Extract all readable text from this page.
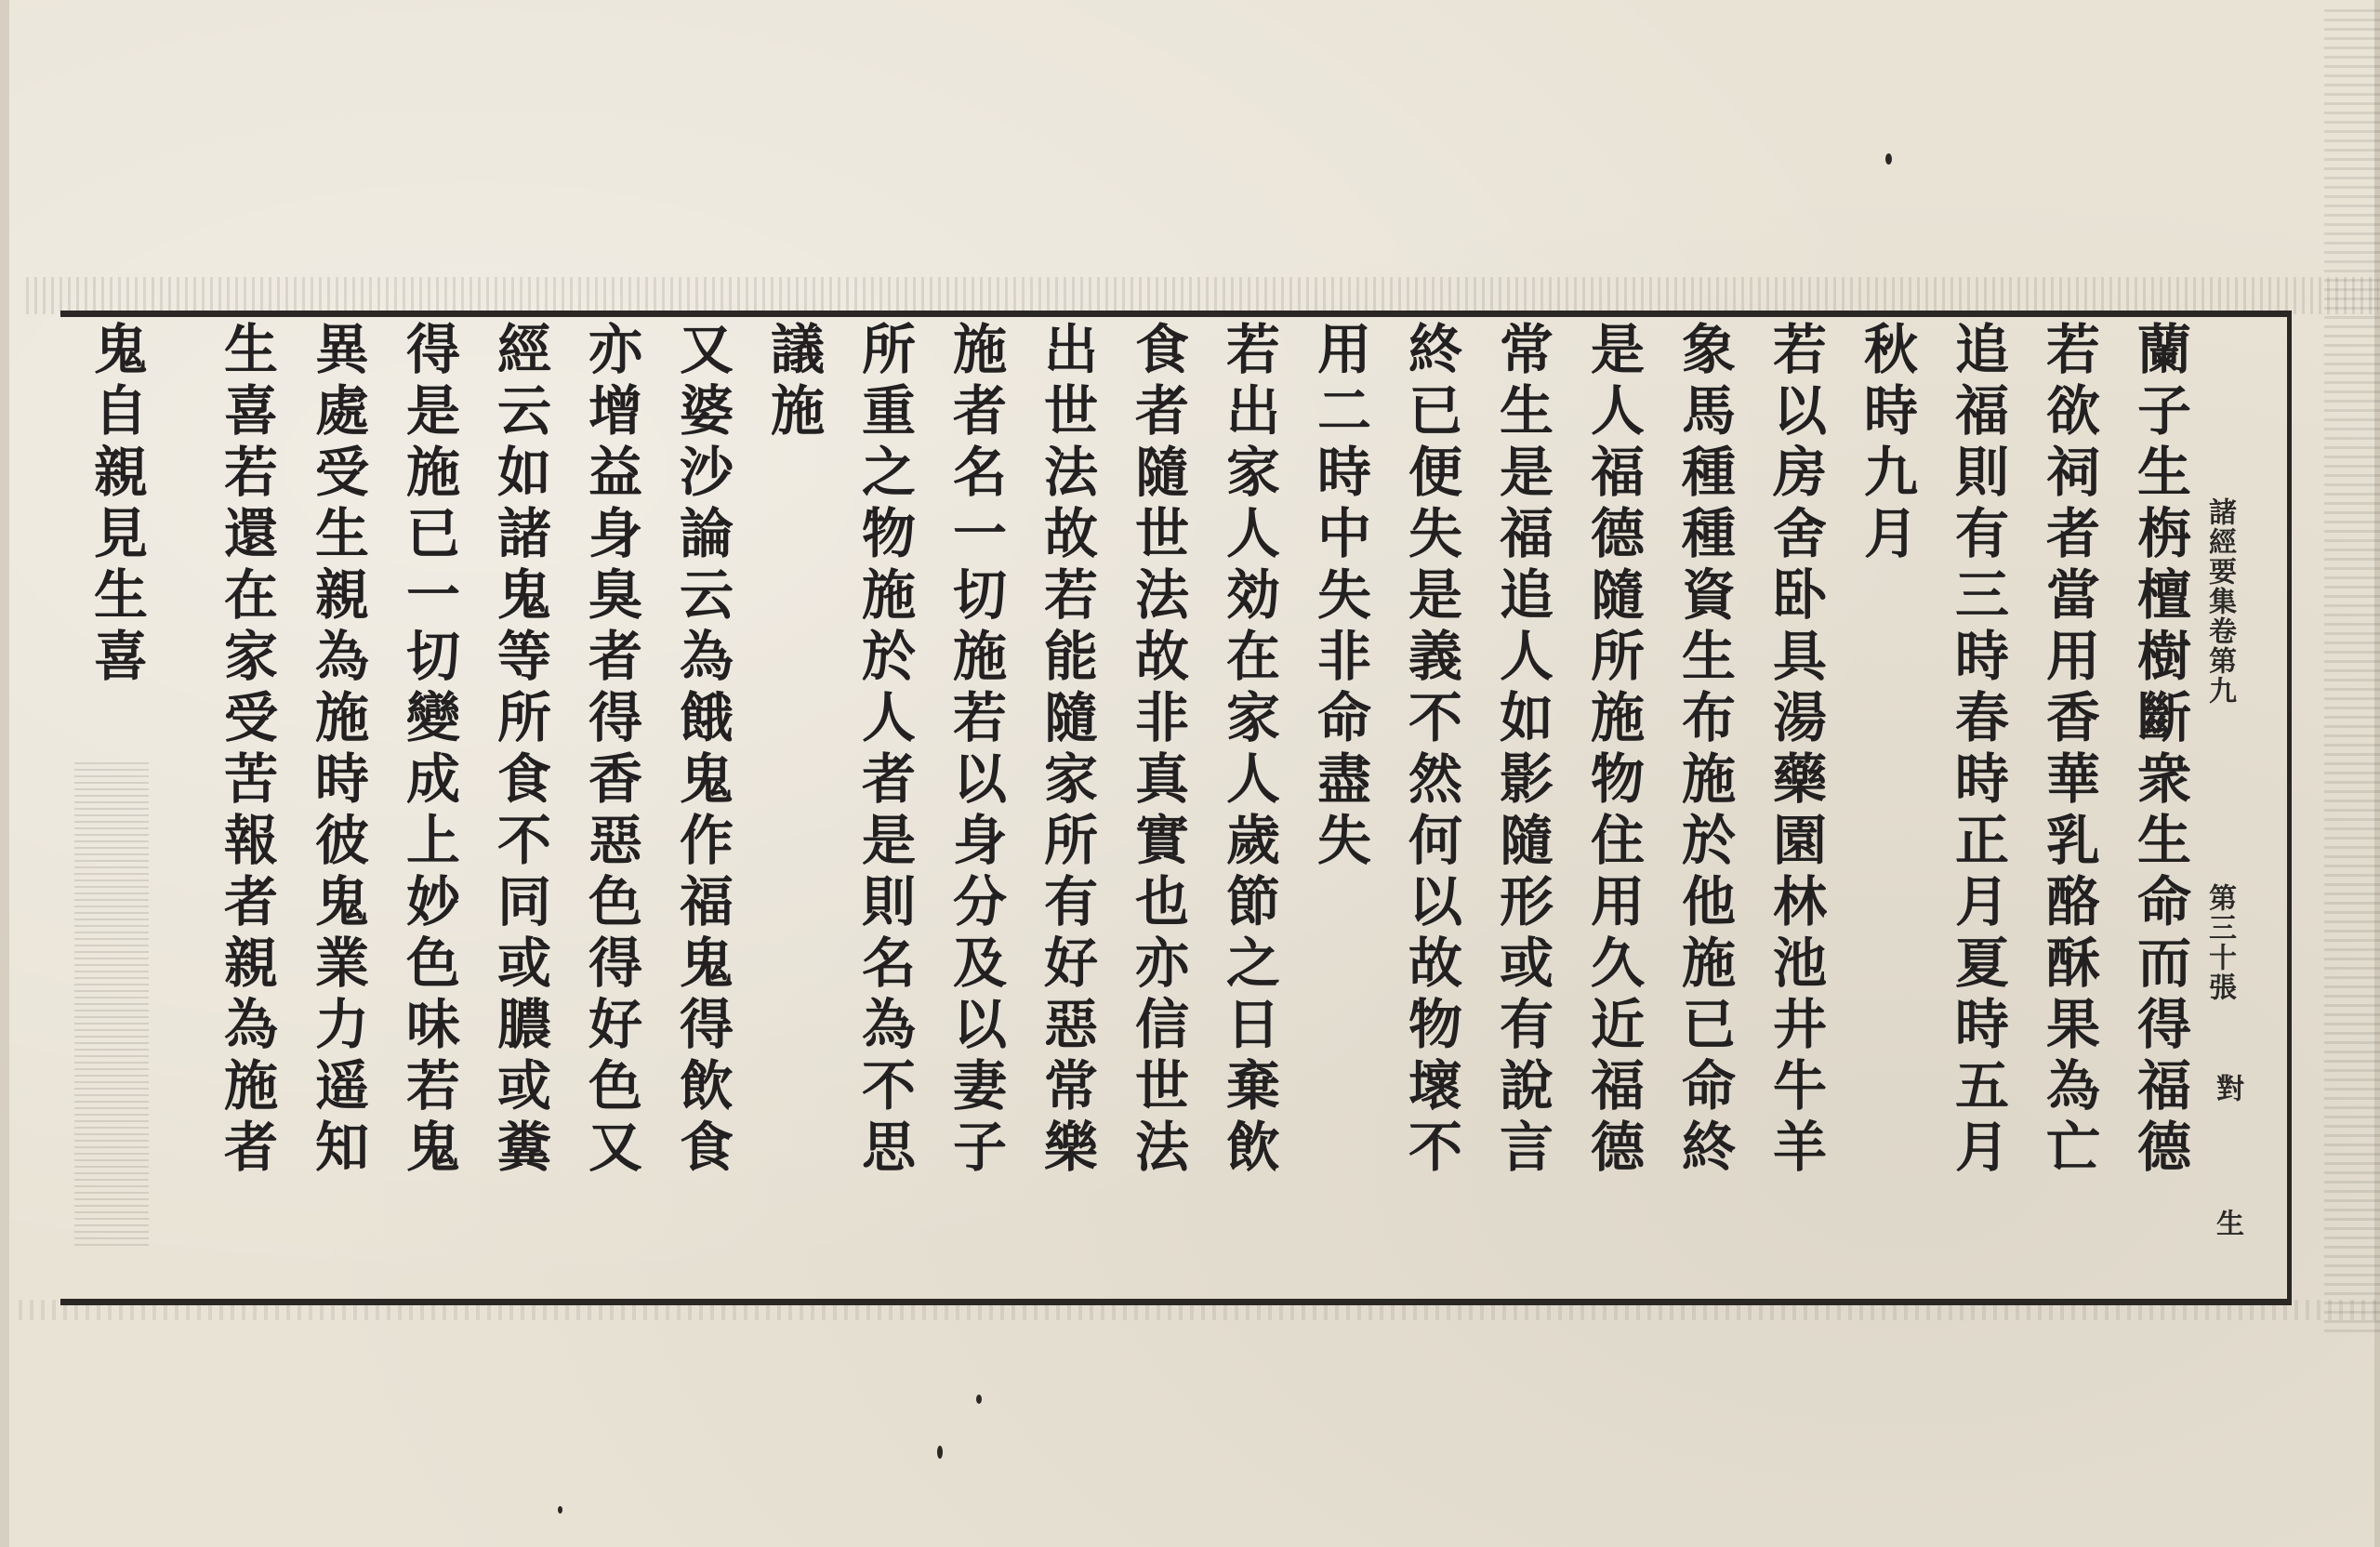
諸經要集卷第九
第三十張
對
生
蘭子生栴檀樹斷衆生命而得福德
若欲祠者當用香華乳酪酥果為亡
追福則有三時春時正月夏時五月
秋時九月
若以房舍卧具湯藥園林池井牛羊
象馬種種資生布施於他施已命終
是人福德隨所施物住用久近福德
常生是福追人如影隨形或有說言
終已便失是義不然何以故物壞不
用二時中失非命盡失
若出家人効在家人歲節之日棄飲
食者隨世法故非真實也亦信世法
出世法故若能隨家所有好惡常樂
施者名一切施若以身分及以妻子
所重之物施於人者是則名為不思
議施
又婆沙論云為餓鬼作福鬼得飲食
亦增益身臭者得香惡色得好色又
經云如諸鬼等所食不同或膿或糞
得是施已一切變成上妙色味若鬼
異處受生親為施時彼鬼業力遥知
生喜若還在家受苦報者親為施者
鬼自親見生喜
